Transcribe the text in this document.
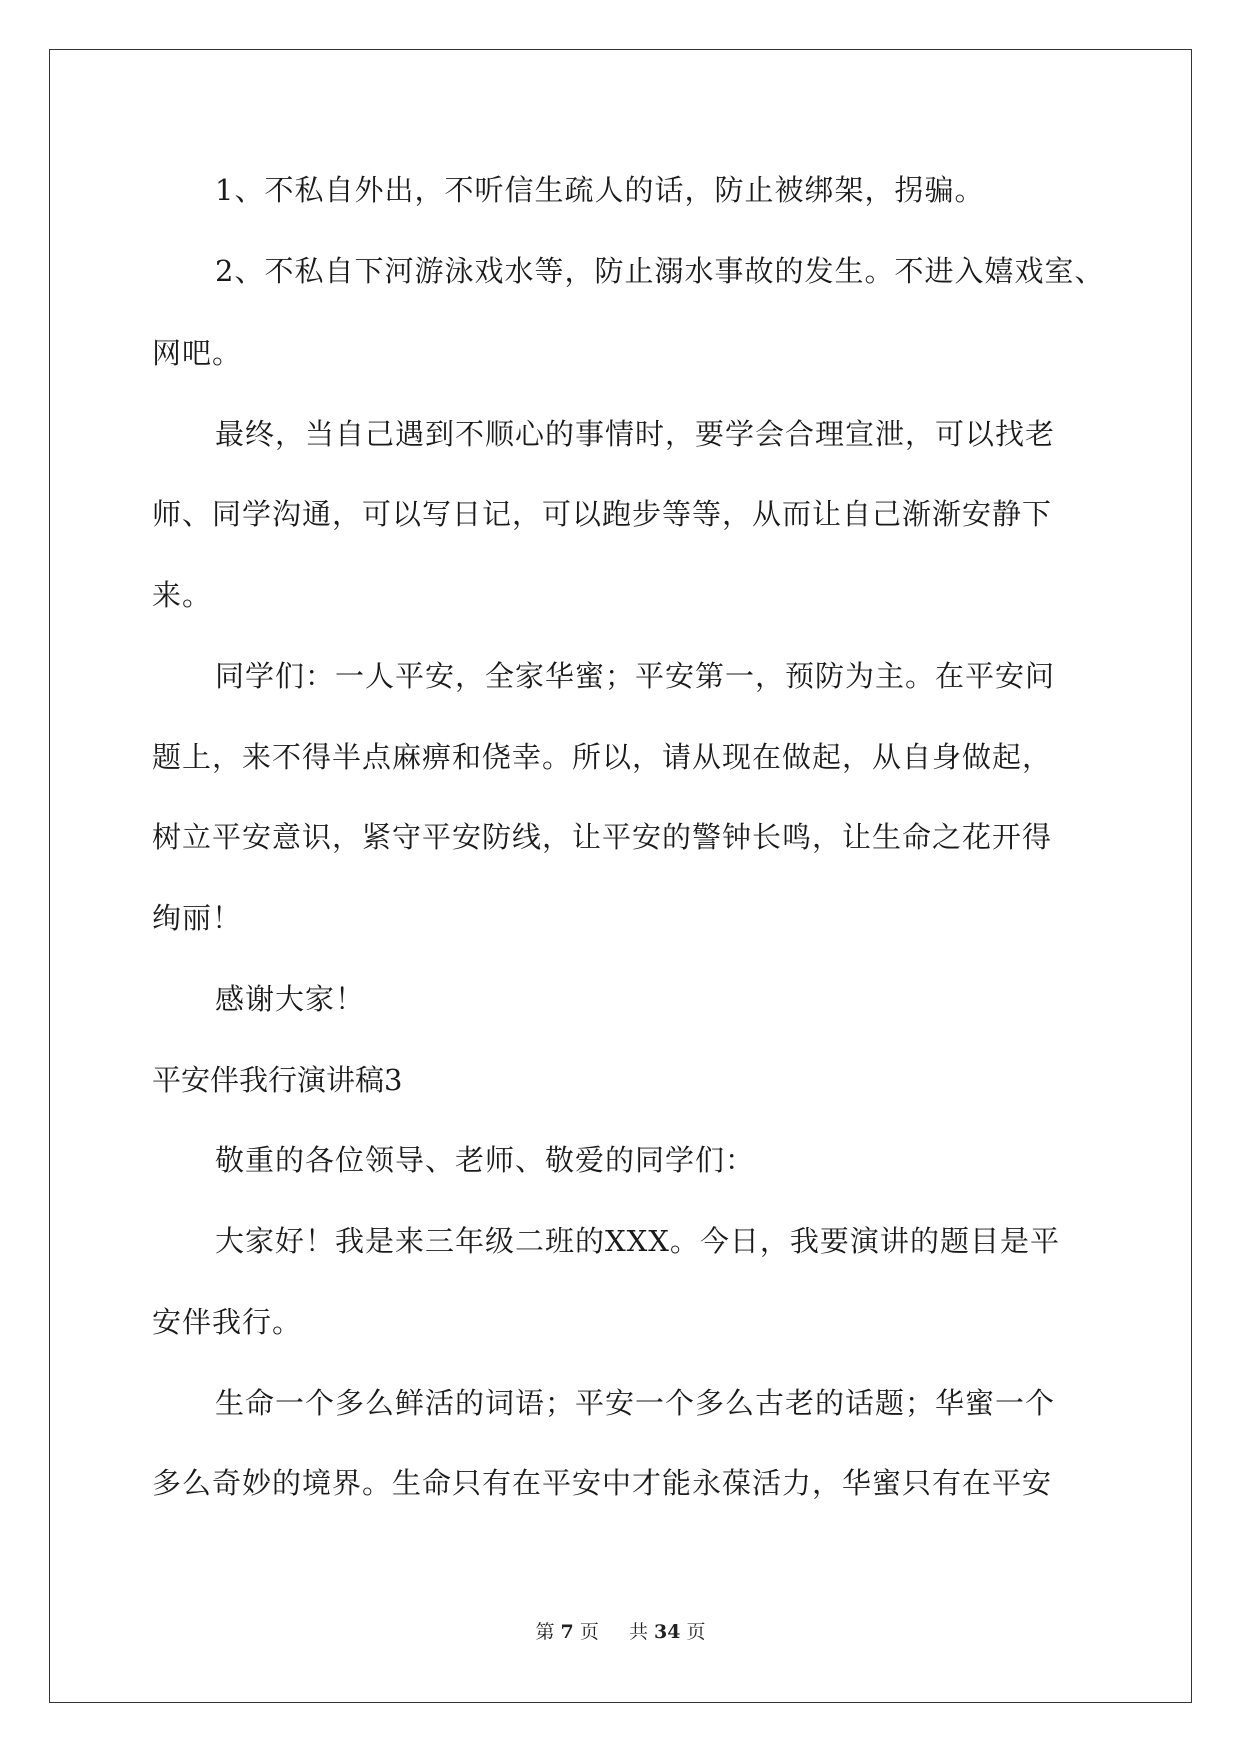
1、不私自外出，不听信生疏人的话，防止被绑架，拐骗。
2、不私自下河游泳戏水等，防止溺水事故的发生。不进入嬉戏室、
网吧。
最终，当自己遇到不顺心的事情时，要学会合理宣泄，可以找老
师、同学沟通，可以写日记，可以跑步等等，从而让自己渐渐安静下
来。
同学们：一人平安，全家华蜜；平安第一，预防为主。在平安问
题上，来不得半点麻痹和侥幸。所以，请从现在做起，从自身做起，
树立平安意识，紧守平安防线，让平安的警钟长鸣，让生命之花开得
绚丽！
感谢大家！
平安伴我行演讲稿3
敬重的各位领导、老师、敬爱的同学们：
大家好！我是来三年级二班的XXX。今日，我要演讲的题目是平
安伴我行。
生命一个多么鲜活的词语；平安一个多么古老的话题；华蜜一个
多么奇妙的境界。生命只有在平安中才能永葆活力，华蜜只有在平安
第 7 页 共 34 页
